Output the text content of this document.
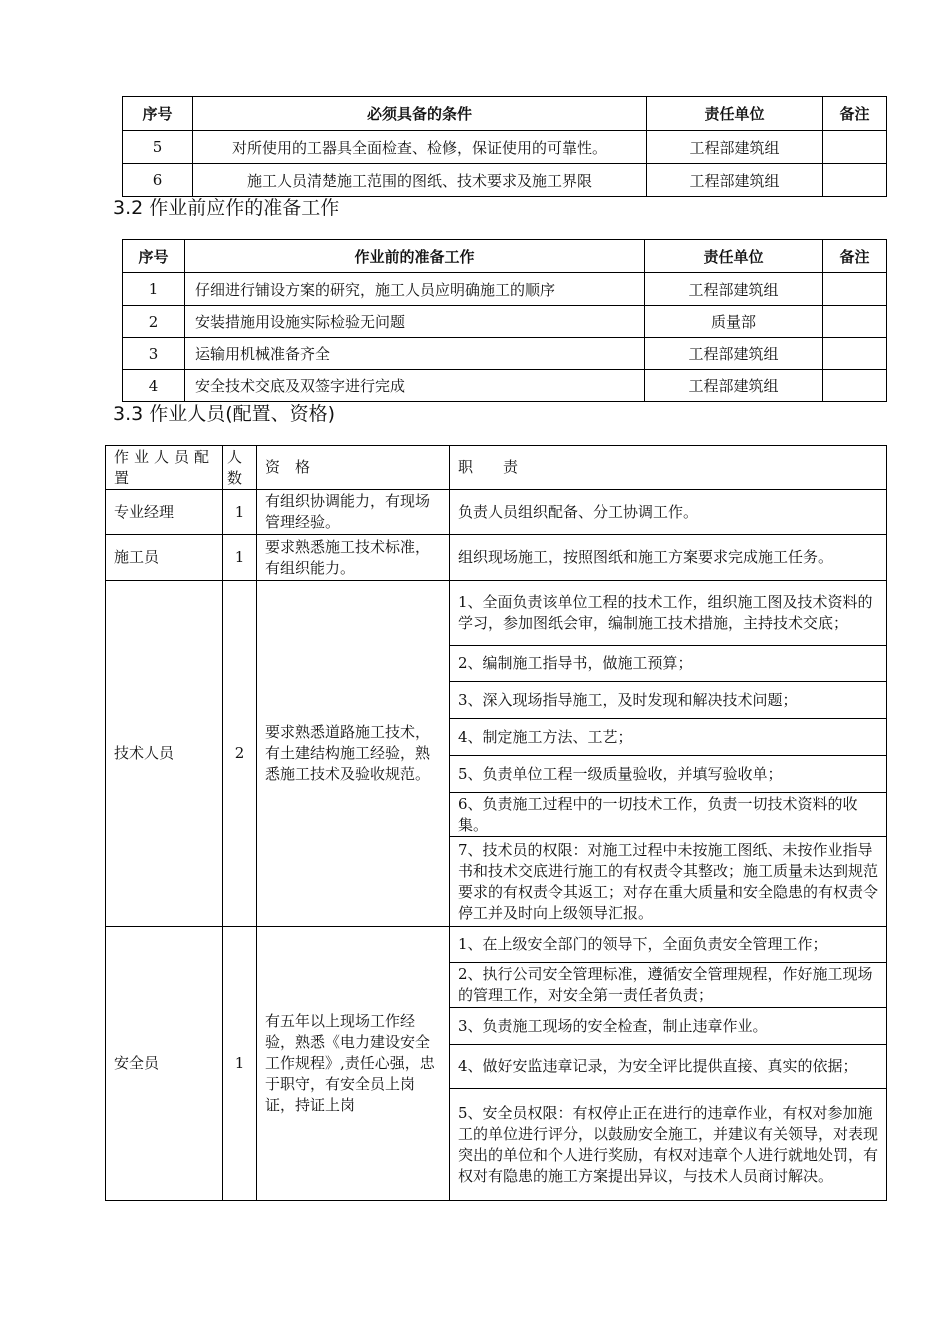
序号	必须具备的条件	责任单位	备注
5	对所使用的工器具全面检查、检修，保证使用的可靠性。	工程部建筑组	
6	施工人员清楚施工范围的图纸、技术要求及施工界限	工程部建筑组	
3.2 作业前应作的准备工作
序号	作业前的准备工作	责任单位	备注
1	仔细进行铺设方案的研究，施工人员应明确施工的顺序	工程部建筑组	
2	安装措施用设施实际检验无问题	质量部	
3	运输用机械准备齐全	工程部建筑组	
4	安全技术交底及双签字进行完成	工程部建筑组	
3.3 作业人员(配置、资格)
作业人员配置	人数	资　格	职　　责
专业经理	1	有组织协调能力，有现场管理经验。	负责人员组织配备、分工协调工作。
施工员	1	要求熟悉施工技术标准，有组织能力。	组织现场施工，按照图纸和施工方案要求完成施工任务。
技术人员	2	要求熟悉道路施工技术，有土建结构施工经验，熟悉施工技术及验收规范。	1、全面负责该单位工程的技术工作，组织施工图及技术资料的学习，参加图纸会审，编制施工技术措施，主持技术交底；
			2、编制施工指导书，做施工预算；
			3、深入现场指导施工，及时发现和解决技术问题；
			4、制定施工方法、工艺；
			5、负责单位工程一级质量验收，并填写验收单；
			6、负责施工过程中的一切技术工作，负责一切技术资料的收集。
			7、技术员的权限：对施工过程中未按施工图纸、未按作业指导书和技术交底进行施工的有权责令其整改；施工质量未达到规范要求的有权责令其返工；对存在重大质量和安全隐患的有权责令停工并及时向上级领导汇报。
安全员	1	有五年以上现场工作经验，熟悉《电力建设安全工作规程》,责任心强，忠于职守，有安全员上岗证，持证上岗	1、在上级安全部门的领导下，全面负责安全管理工作；
			2、执行公司安全管理标准，遵循安全管理规程，作好施工现场的管理工作，对安全第一责任者负责；
			3、负责施工现场的安全检查，制止违章作业。
			4、做好安监违章记录，为安全评比提供直接、真实的依据；
			5、安全员权限：有权停止正在进行的违章作业，有权对参加施工的单位进行评分，以鼓励安全施工，并建议有关领导，对表现突出的单位和个人进行奖励，有权对违章个人进行就地处罚，有权对有隐患的施工方案提出异议，与技术人员商讨解决。
